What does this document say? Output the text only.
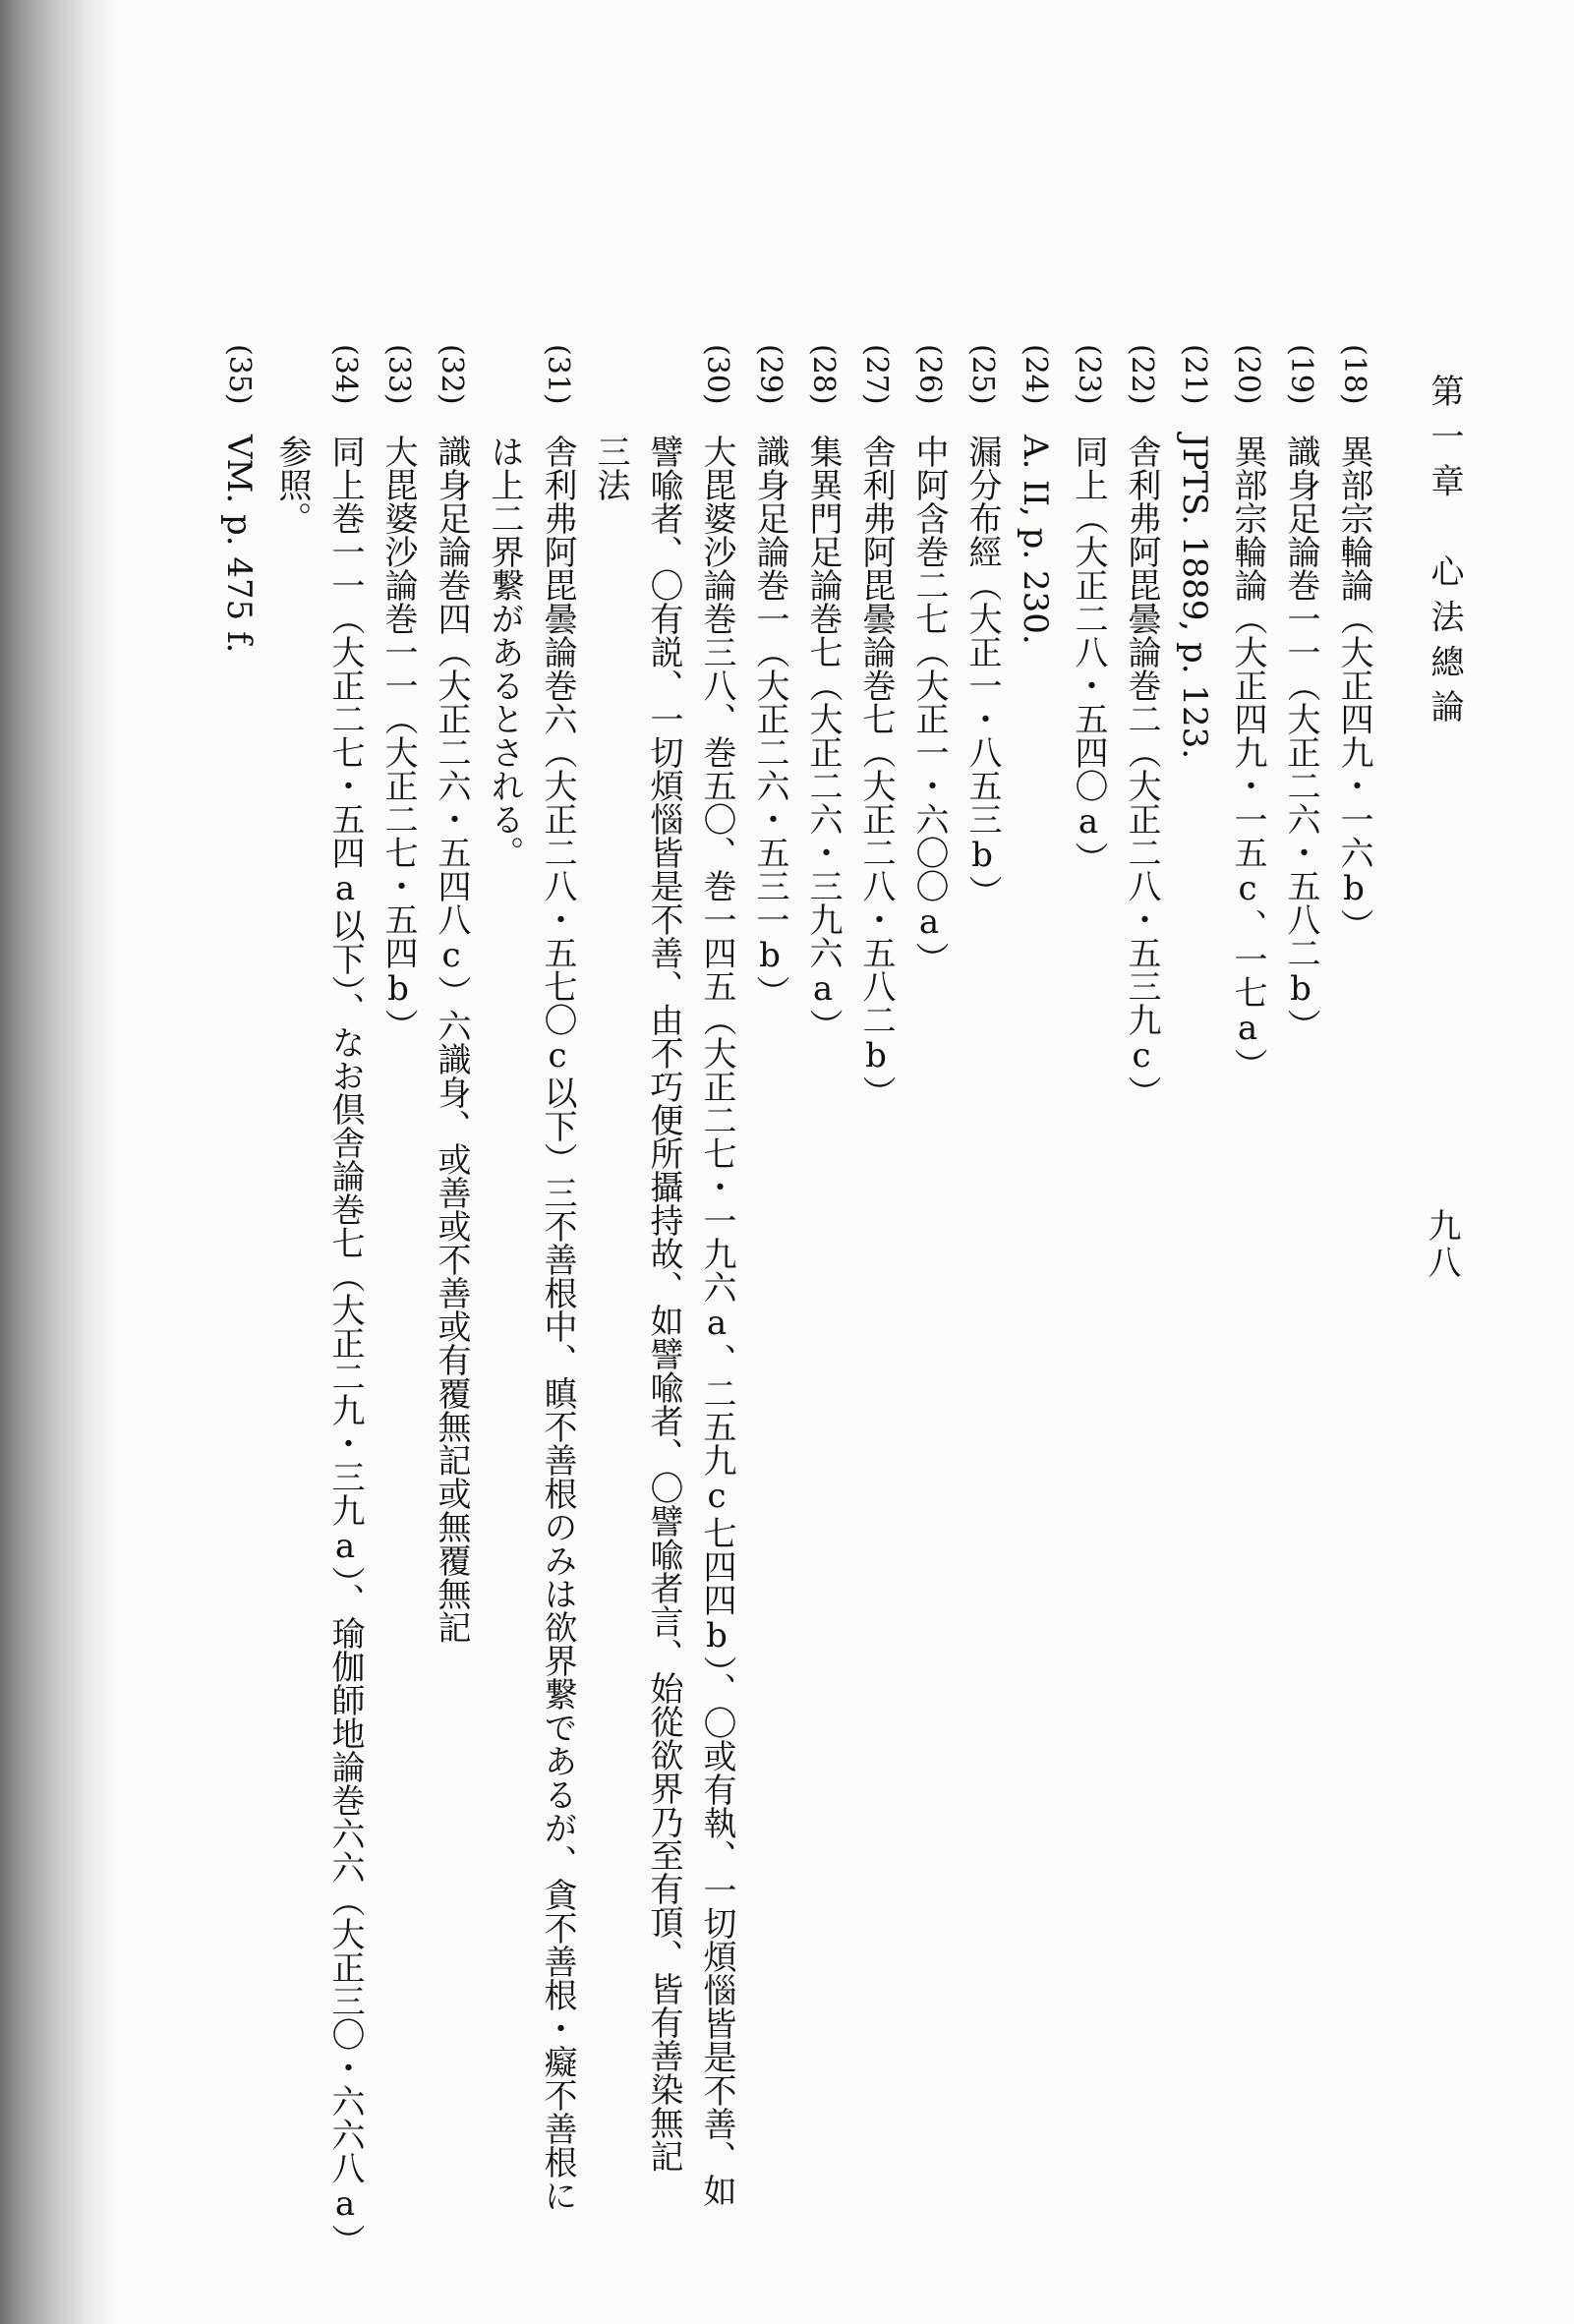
九八
第一章　心法總論
(18)異部宗輪論（大正四九・一六b）
(19)識身足論巻一一（大正二六・五八二b）
(20)異部宗輪論（大正四九・一五c、一七a）
(21)JPTS. 1889, p. 123.
(22)舎利弗阿毘曇論巻二（大正二八・五三九c）
(23)同上（大正二八・五四〇a）
(24)A. II, p. 230.
(25)漏分布經（大正一・八五三b）
(26)中阿含巻二七（大正一・六〇〇a）
(27)舎利弗阿毘曇論巻七（大正二八・五八二b）
(28)集異門足論巻七（大正二六・三九六a）
(29)識身足論巻一（大正二六・五三一b）
(30)大毘婆沙論巻三八、巻五〇、巻一四五（大正二七・一九六a、二五九c七四四b）、〇或有執、一切煩惱皆是不善、如
譬喩者、〇有説、一切煩惱皆是不善、由不巧便所攝持故、如譬喩者、〇譬喩者言、始從欲界乃至有頂、皆有善染無記
三法
(31)舎利弗阿毘曇論巻六（大正二八・五七〇c以下）三不善根中、瞋不善根のみは欲界繋であるが、貪不善根・癡不善根に
は上二界繋があるとされる。
(32)識身足論巻四（大正二六・五四八c）六識身、或善或不善或有覆無記或無覆無記
(33)大毘婆沙論巻一一（大正二七・五四b）
(34)同上巻一一（大正二七・五四a以下）、なお倶舎論巻七（大正二九・三九a）、瑜伽師地論巻六六（大正三〇・六六八a）
参照。
(35)VM. p. 475 f.
